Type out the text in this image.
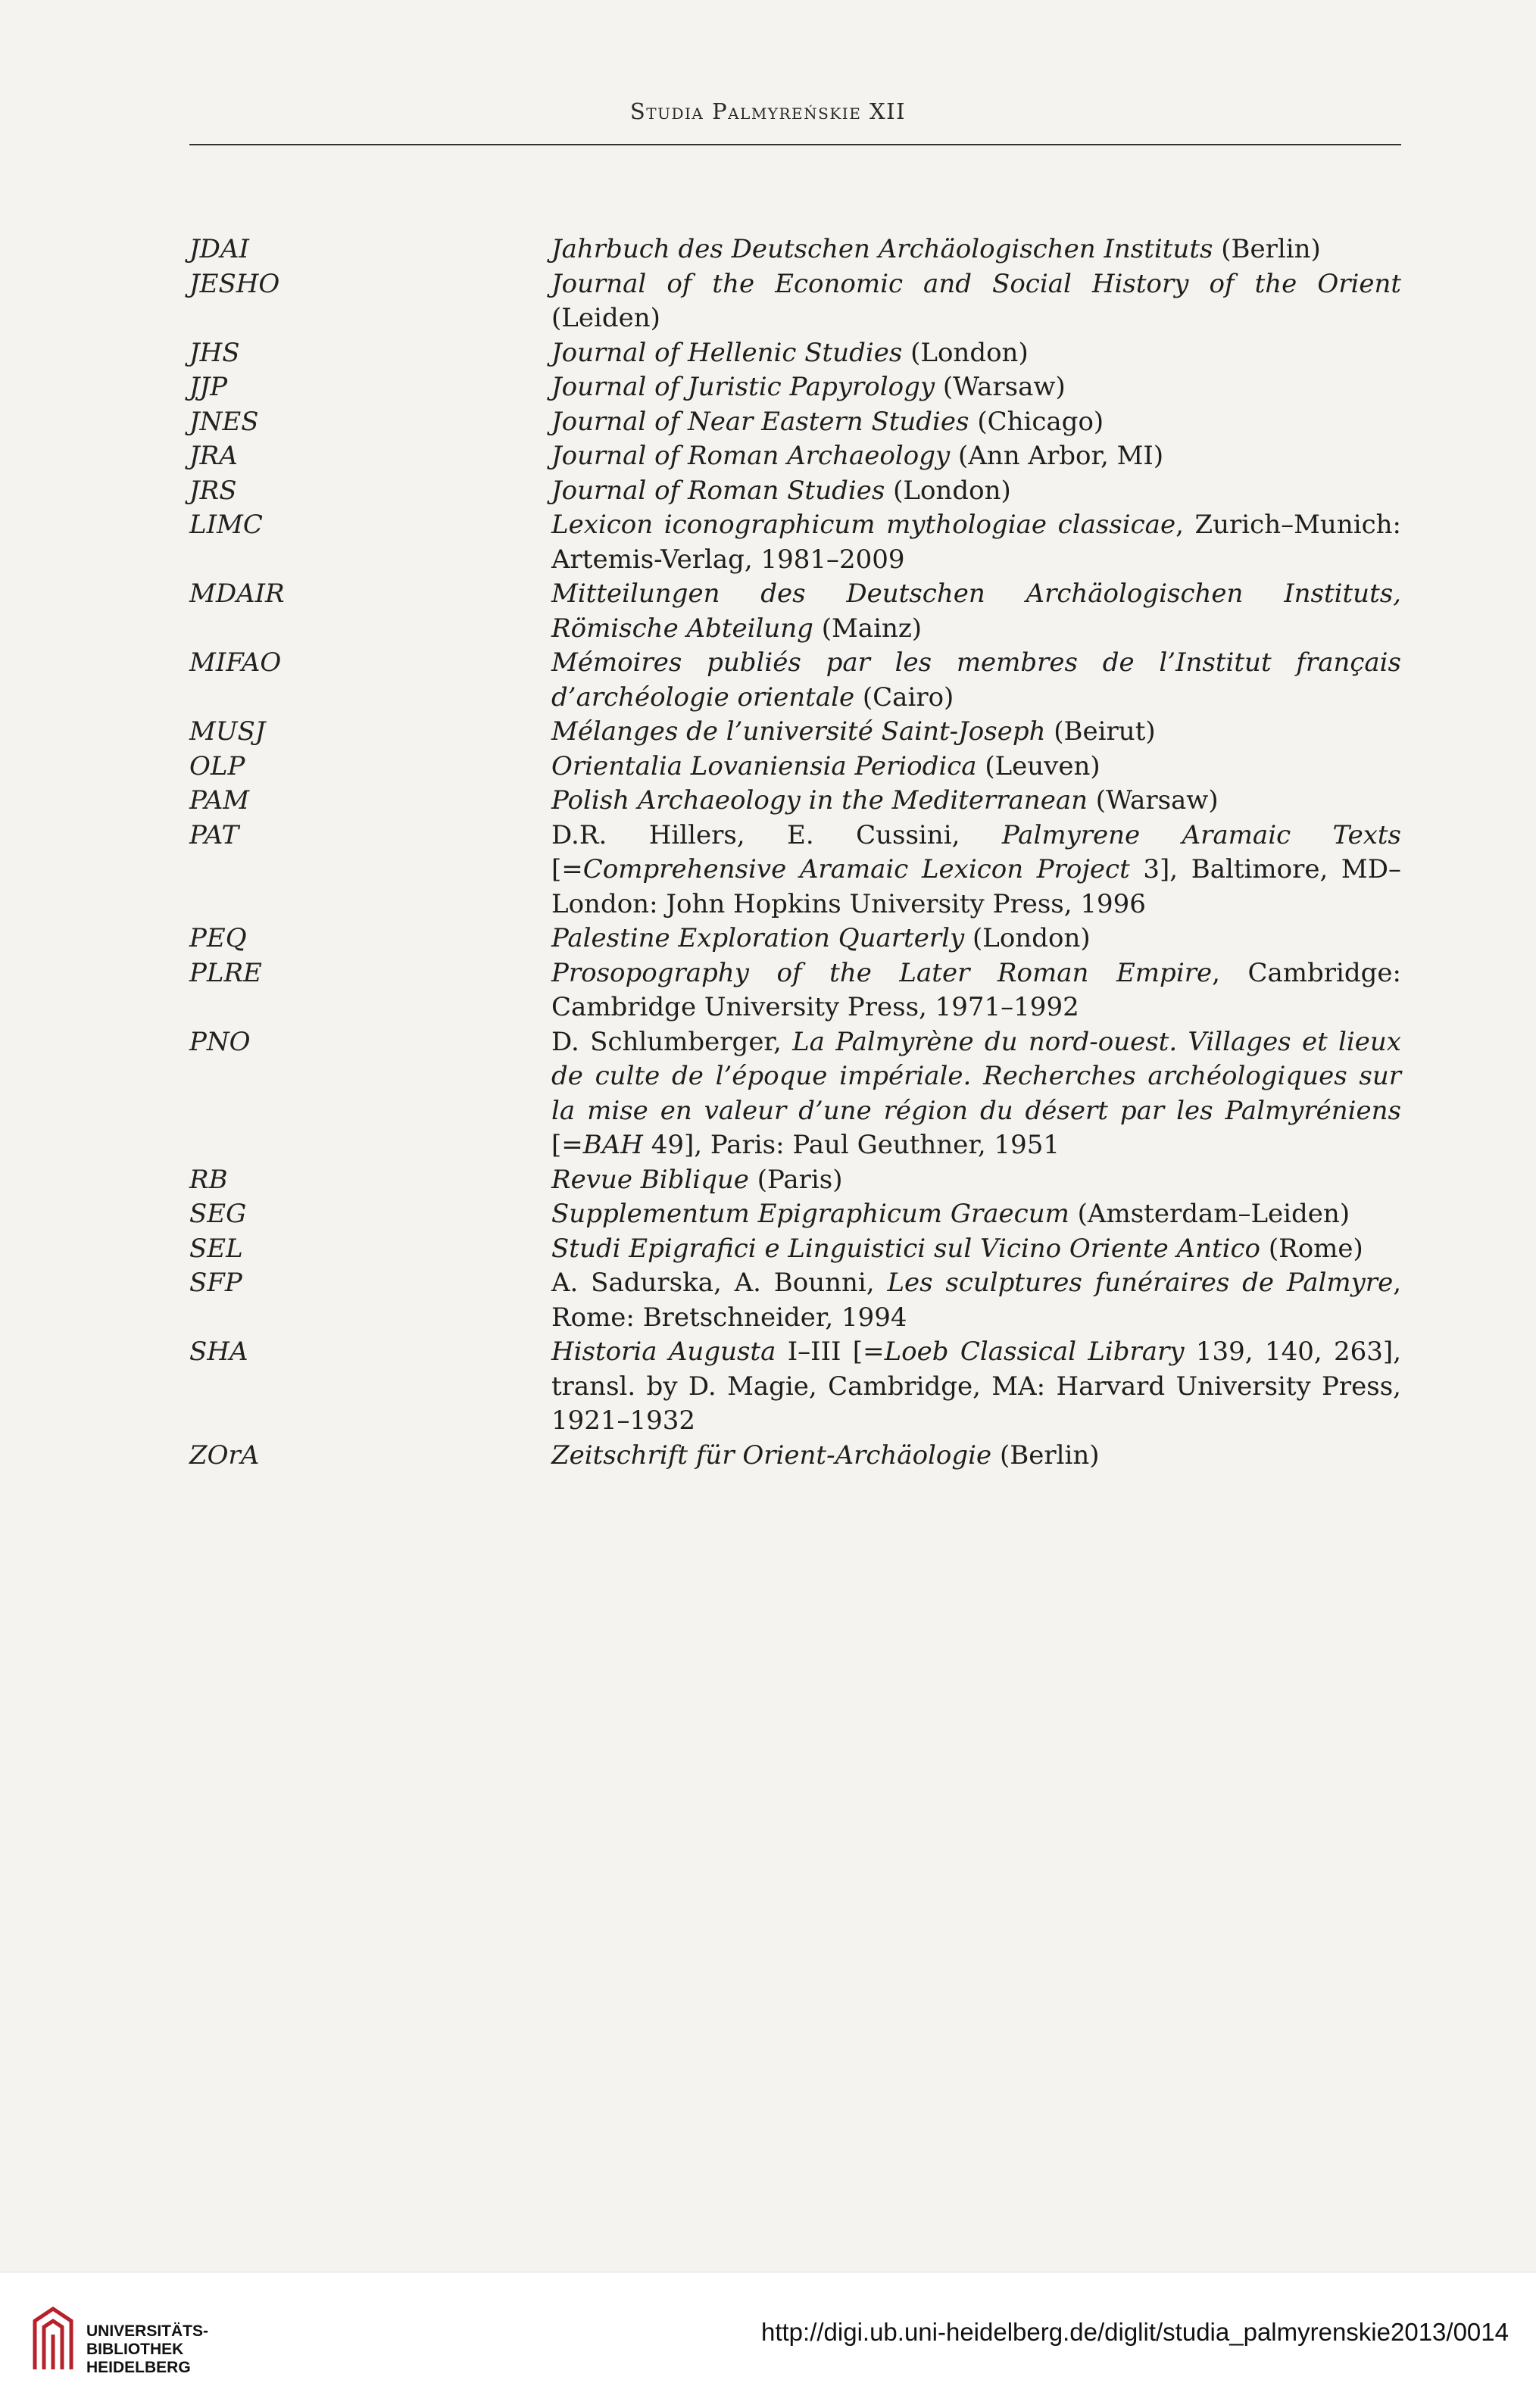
Studia Palmyreńskie XII
JDAI	Jahrbuch des Deutschen Archäologischen Instituts (Berlin)
JESHO	Journal of the Economic and Social History of the Orient (Leiden)
JHS	Journal of Hellenic Studies (London)
JJP	Journal of Juristic Papyrology (Warsaw)
JNES	Journal of Near Eastern Studies (Chicago)
JRA	Journal of Roman Archaeology (Ann Arbor, MI)
JRS	Journal of Roman Studies (London)
LIMC	Lexicon iconographicum mythologiae classicae, Zurich–Munich: Artemis-Verlag, 1981–2009
MDAIR	Mitteilungen des Deutschen Archäologischen Instituts, Römische Abteilung (Mainz)
MIFAO	Mémoires publiés par les membres de l’Institut français d’archéologie orientale (Cairo)
MUSJ	Mélanges de l’université Saint-Joseph (Beirut)
OLP	Orientalia Lovaniensia Periodica (Leuven)
PAM	Polish Archaeology in the Mediterranean (Warsaw)
PAT	D.R. Hillers, E. Cussini, Palmyrene Aramaic Texts [=Comprehensive Aramaic Lexicon Project 3], Baltimore, MD–London: John Hopkins University Press, 1996
PEQ	Palestine Exploration Quarterly (London)
PLRE	Prosopography of the Later Roman Empire, Cambridge: Cambridge University Press, 1971–1992
PNO	D. Schlumberger, La Palmyrène du nord-ouest. Villages et lieux de culte de l’époque impériale. Recherches archéologiques sur la mise en valeur d’une région du désert par les Palmyréniens [=BAH 49], Paris: Paul Geuthner, 1951
RB	Revue Biblique (Paris)
SEG	Supplementum Epigraphicum Graecum (Amsterdam–Leiden)
SEL	Studi Epigrafici e Linguistici sul Vicino Oriente Antico (Rome)
SFP	A. Sadurska, A. Bounni, Les sculptures funéraires de Palmyre, Rome: Bretschneider, 1994
SHA	Historia Augusta I–III [=Loeb Classical Library 139, 140, 263], transl. by D. Magie, Cambridge, MA: Harvard University Press, 1921–1932
ZOrA	Zeitschrift für Orient-Archäologie (Berlin)
UNIVERSITÄTS-
BIBLIOTHEK
HEIDELBERG
http://digi.ub.uni-heidelberg.de/diglit/studia_palmyrenskie2013/0014
